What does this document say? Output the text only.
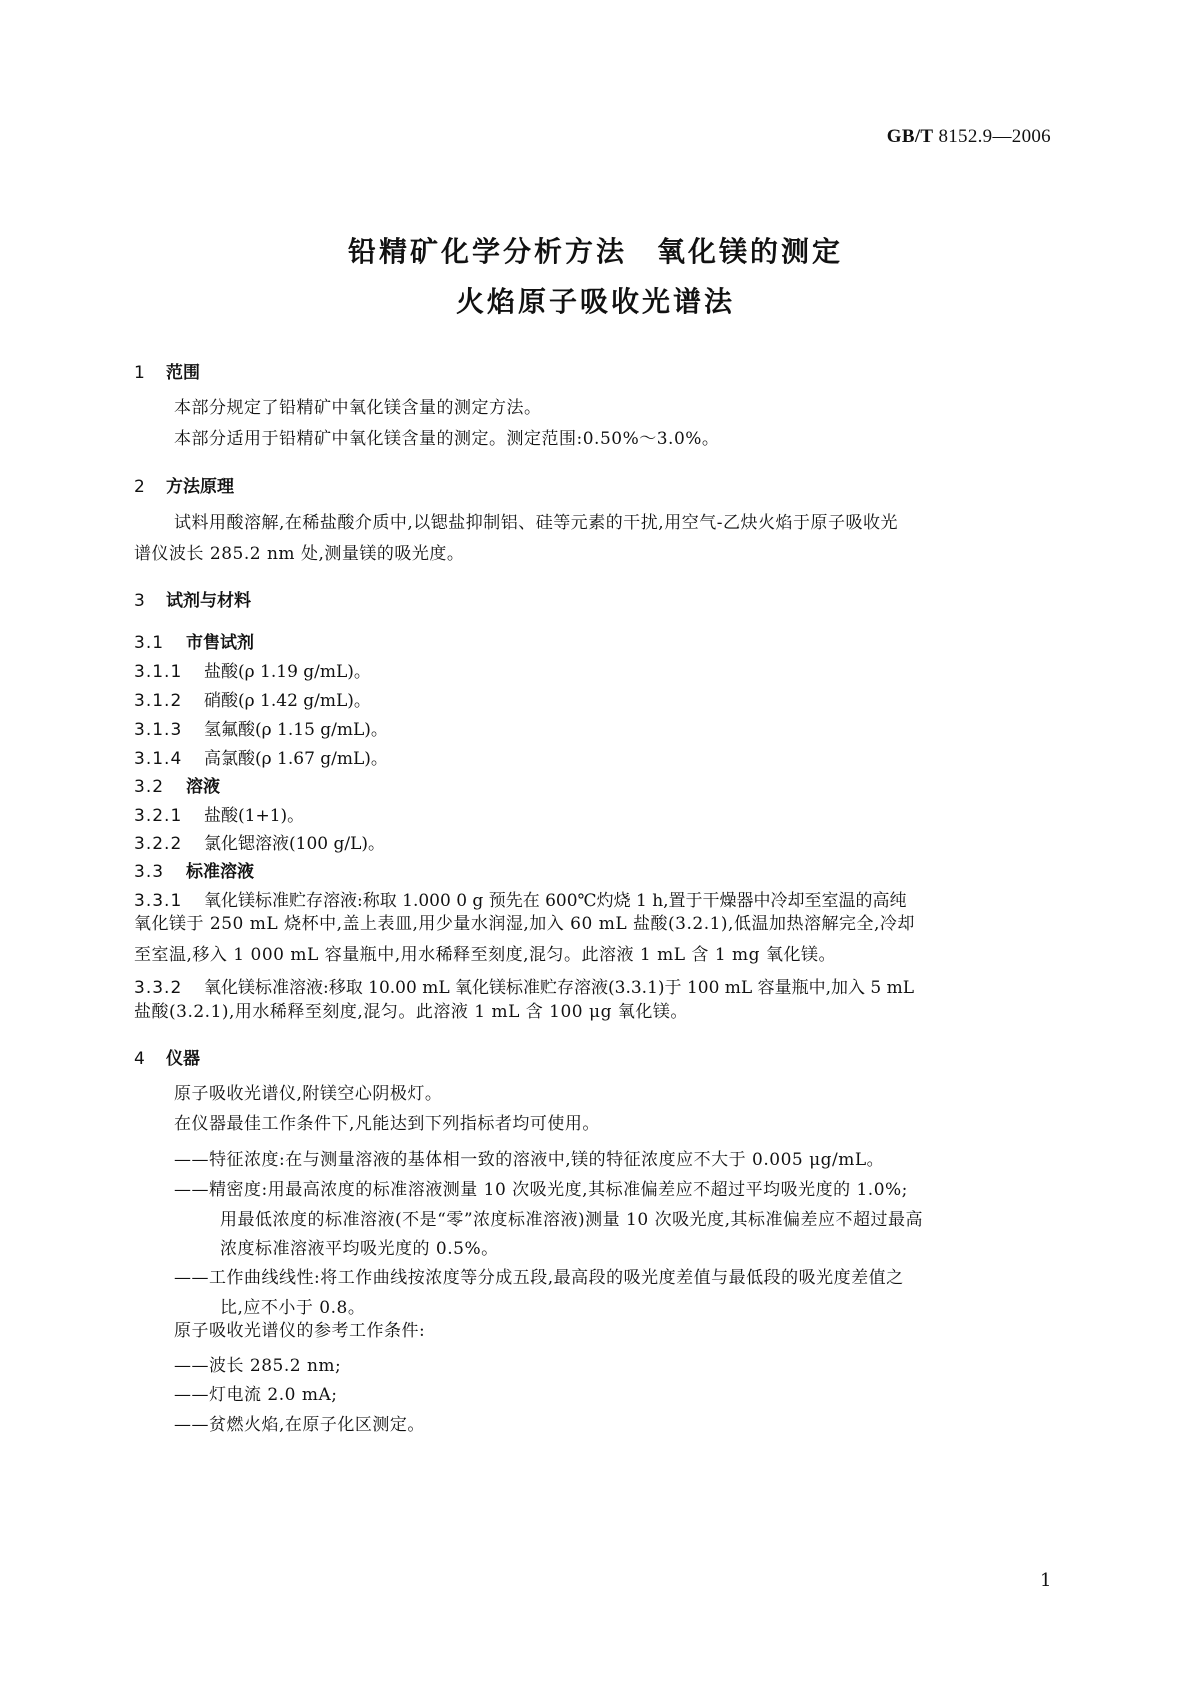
GB/T 8152.9—2006
铅精矿化学分析方法 氧化镁的测定
火焰原子吸收光谱法
1 范围
本部分规定了铅精矿中氧化镁含量的测定方法。
本部分适用于铅精矿中氧化镁含量的测定。测定范围:0.50%～3.0%。
2 方法原理
试料用酸溶解,在稀盐酸介质中,以锶盐抑制铝、硅等元素的干扰,用空气-乙炔火焰于原子吸收光
谱仪波长 285.2 nm 处,测量镁的吸光度。
3 试剂与材料
3.1 市售试剂
3.1.1 盐酸(ρ 1.19 g/mL)。
3.1.2 硝酸(ρ 1.42 g/mL)。
3.1.3 氢氟酸(ρ 1.15 g/mL)。
3.1.4 高氯酸(ρ 1.67 g/mL)。
3.2 溶液
3.2.1 盐酸(1+1)。
3.2.2 氯化锶溶液(100 g/L)。
3.3 标准溶液
3.3.1 氧化镁标准贮存溶液:称取 1.000 0 g 预先在 600℃灼烧 1 h,置于干燥器中冷却至室温的高纯
氧化镁于 250 mL 烧杯中,盖上表皿,用少量水润湿,加入 60 mL 盐酸(3.2.1),低温加热溶解完全,冷却
至室温,移入 1 000 mL 容量瓶中,用水稀释至刻度,混匀。此溶液 1 mL 含 1 mg 氧化镁。
3.3.2 氧化镁标准溶液:移取 10.00 mL 氧化镁标准贮存溶液(3.3.1)于 100 mL 容量瓶中,加入 5 mL
盐酸(3.2.1),用水稀释至刻度,混匀。此溶液 1 mL 含 100 μg 氧化镁。
4 仪器
原子吸收光谱仪,附镁空心阴极灯。
在仪器最佳工作条件下,凡能达到下列指标者均可使用。
——特征浓度:在与测量溶液的基体相一致的溶液中,镁的特征浓度应不大于 0.005 μg/mL。
——精密度:用最高浓度的标准溶液测量 10 次吸光度,其标准偏差应不超过平均吸光度的 1.0%;
用最低浓度的标准溶液(不是“零”浓度标准溶液)测量 10 次吸光度,其标准偏差应不超过最高
浓度标准溶液平均吸光度的 0.5%。
——工作曲线线性:将工作曲线按浓度等分成五段,最高段的吸光度差值与最低段的吸光度差值之
比,应不小于 0.8。
原子吸收光谱仪的参考工作条件:
——波长 285.2 nm;
——灯电流 2.0 mA;
——贫燃火焰,在原子化区测定。
1
